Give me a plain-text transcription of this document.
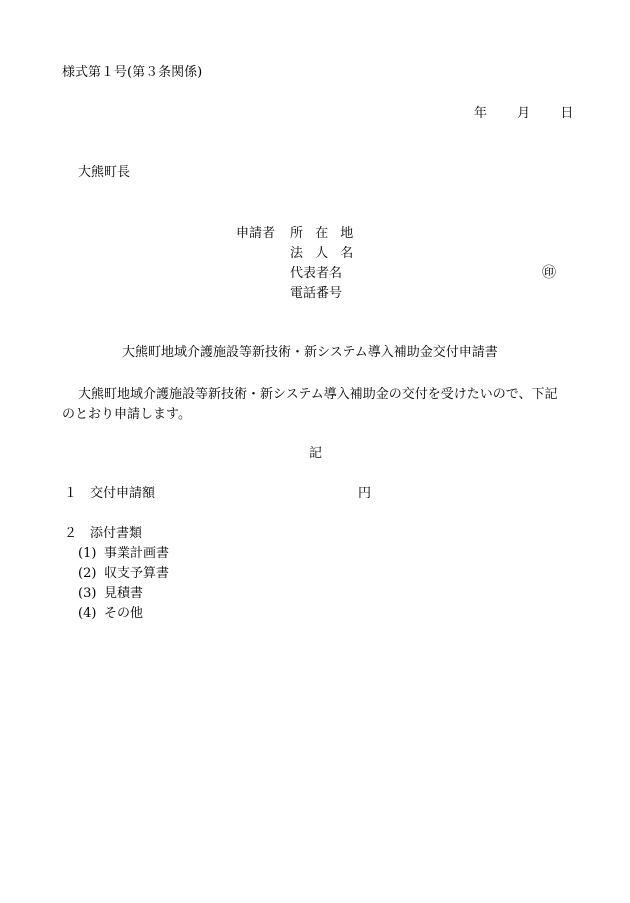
様式第１号(第３条関係)
年 月 日
大熊町長
申請者 所 在 地
法 人 名
代表者名	㊞
電話番号
大熊町地域介護施設等新技術・新システム導入補助金交付申請書
大熊町地域介護施設等新技術・新システム導入補助金の交付を受けたいので、下記
のとおり申請します。
記
１ 交付申請額	円
２ 添付書類
(1) 事業計画書
(2) 収支予算書
(3) 見積書
(4) その他
